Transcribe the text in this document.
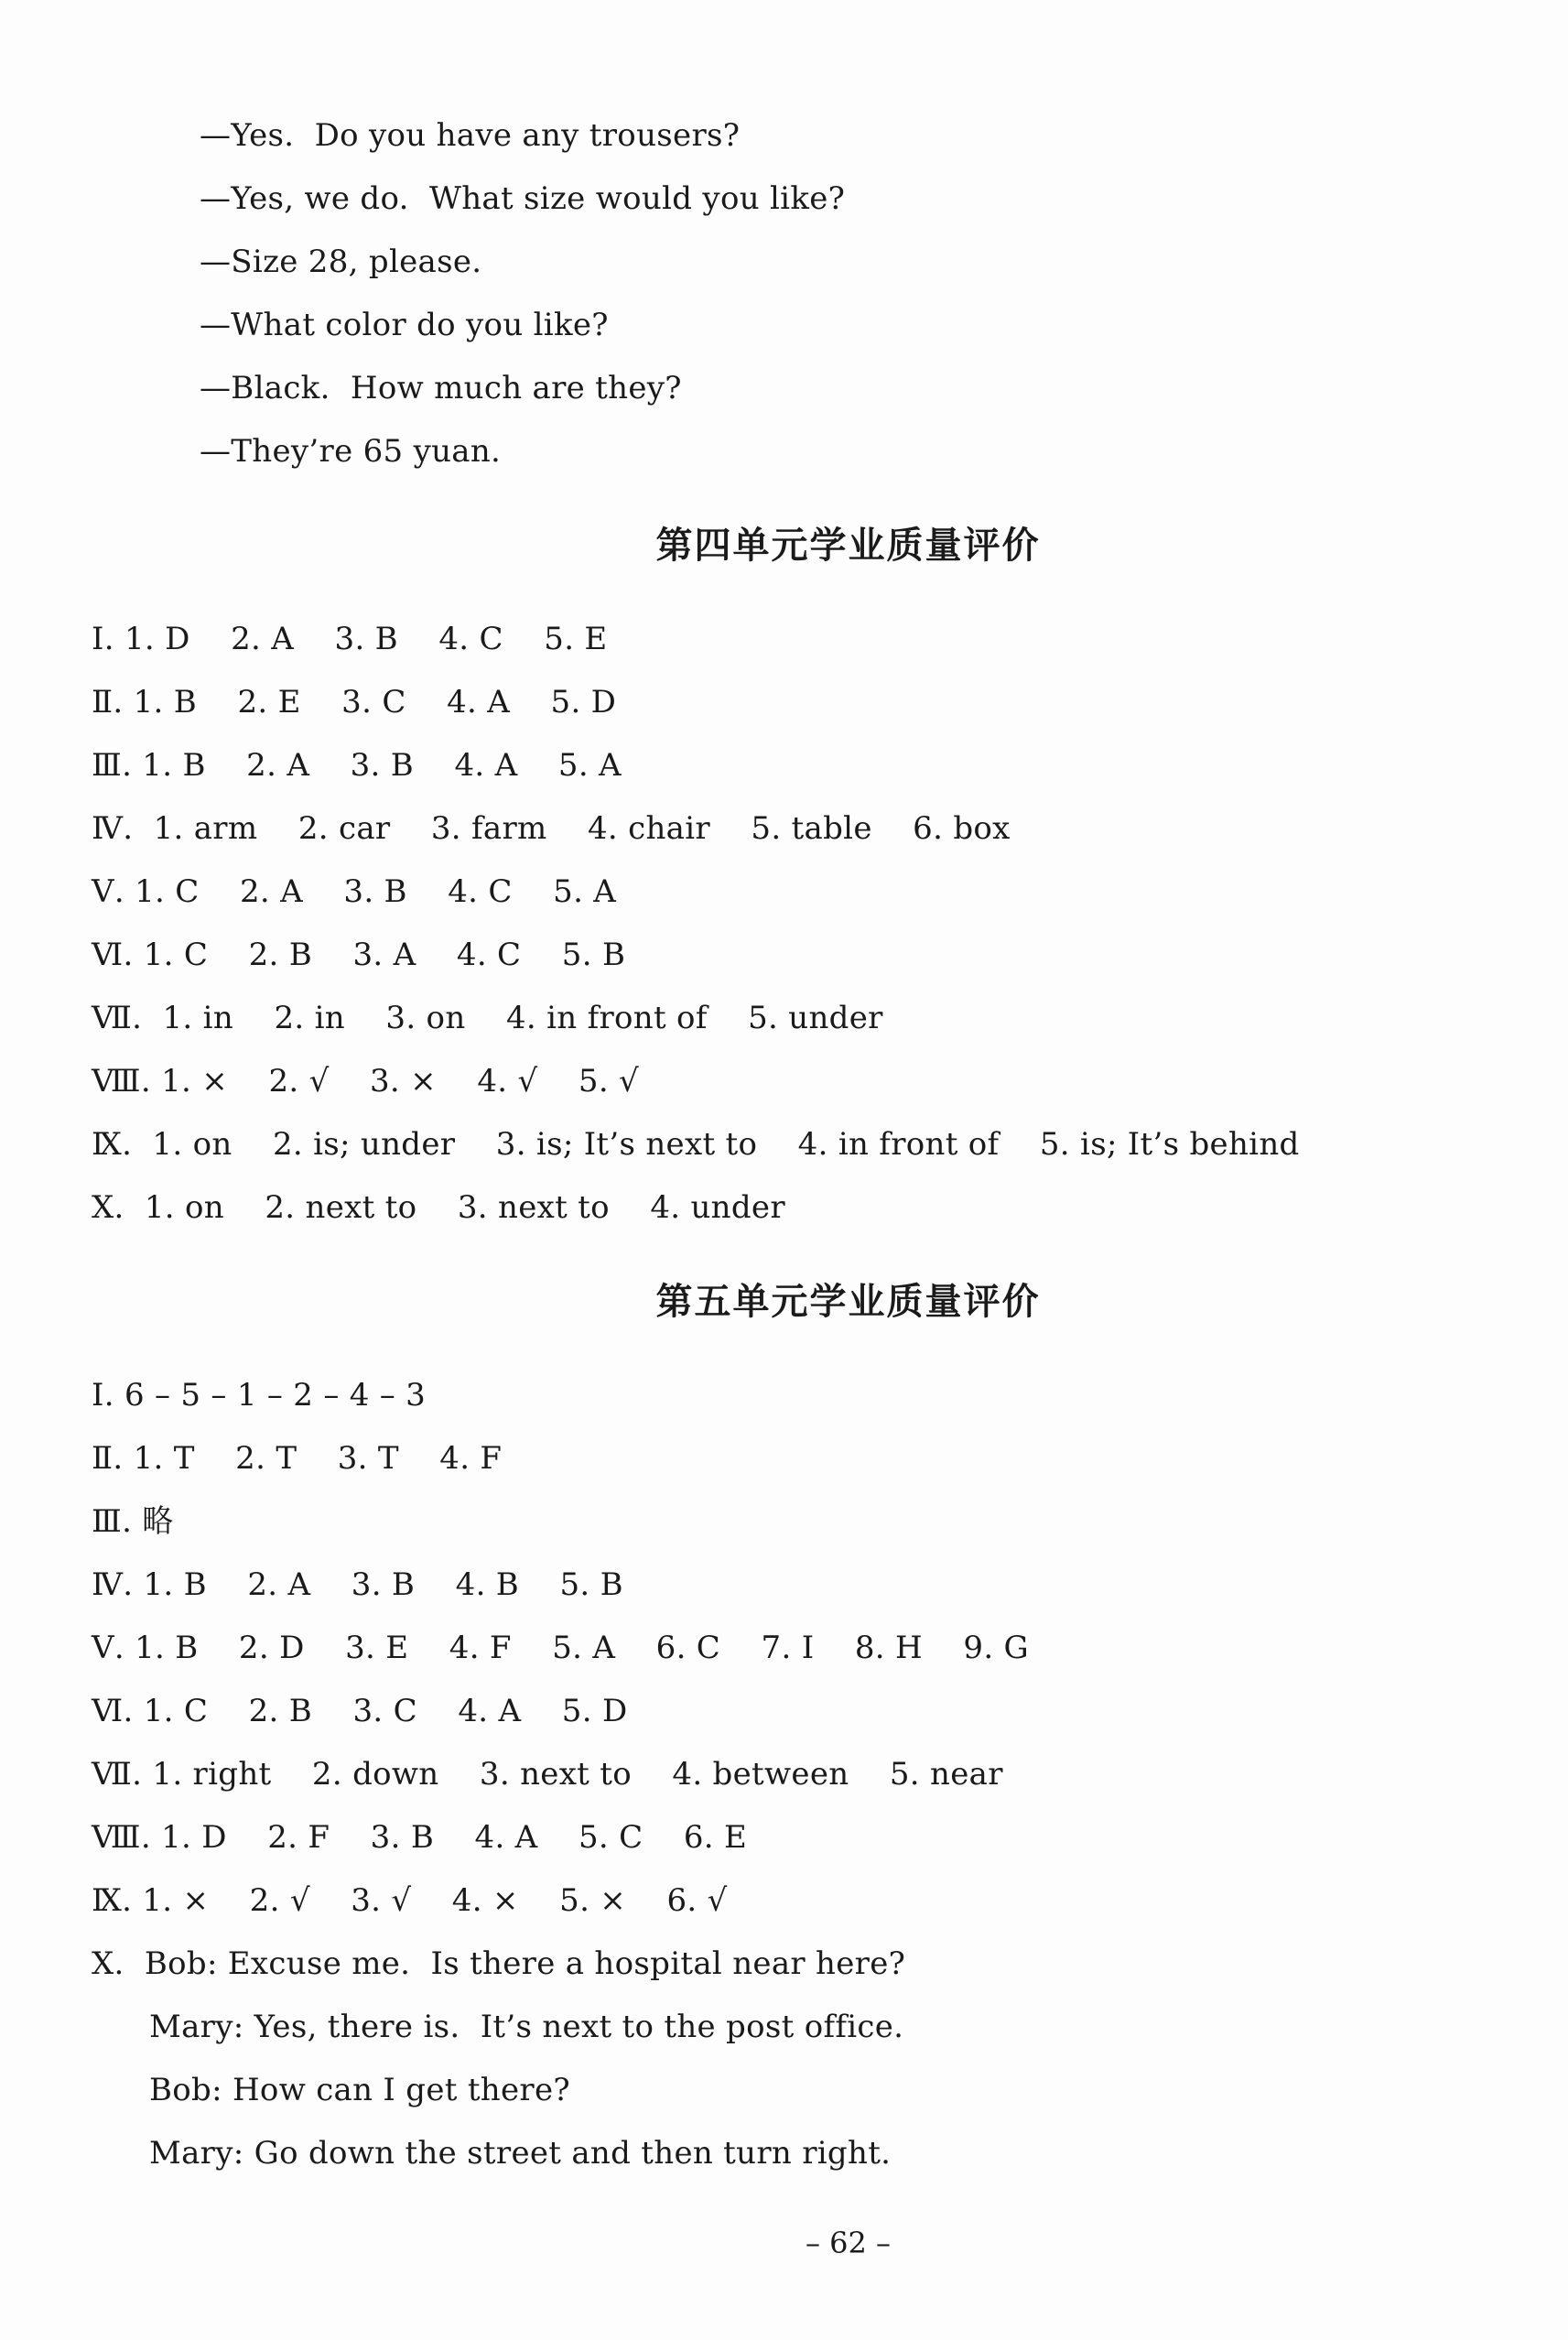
—Yes.  Do you have any trousers?
—Yes, we do.  What size would you like?
—Size 28, please.
—What color do you like?
—Black.  How much are they?
—They’re 65 yuan.
第四单元学业质量评价
Ⅰ. 1. D    2. A    3. B    4. C    5. E
Ⅱ. 1. B    2. E    3. C    4. A    5. D
Ⅲ. 1. B    2. A    3. B    4. A    5. A
Ⅳ.  1. arm    2. car    3. farm    4. chair    5. table    6. box
Ⅴ. 1. C    2. A    3. B    4. C    5. A
Ⅵ. 1. C    2. B    3. A    4. C    5. B
Ⅶ.  1. in    2. in    3. on    4. in front of    5. under
Ⅷ. 1. ×    2. √    3. ×    4. √    5. √
Ⅸ.  1. on    2. is; under    3. is; It’s next to    4. in front of    5. is; It’s behind
Ⅹ.  1. on    2. next to    3. next to    4. under
第五单元学业质量评价
Ⅰ. 6 – 5 – 1 – 2 – 4 – 3
Ⅱ. 1. T    2. T    3. T    4. F
Ⅲ. 略
Ⅳ. 1. B    2. A    3. B    4. B    5. B
Ⅴ. 1. B    2. D    3. E    4. F    5. A    6. C    7. I    8. H    9. G
Ⅵ. 1. C    2. B    3. C    4. A    5. D
Ⅶ. 1. right    2. down    3. next to    4. between    5. near
Ⅷ. 1. D    2. F    3. B    4. A    5. C    6. E
Ⅸ. 1. ×    2. √    3. √    4. ×    5. ×    6. √
Ⅹ.  Bob: Excuse me.  Is there a hospital near here?
Mary: Yes, there is.  It’s next to the post office.
Bob: How can I get there?
Mary: Go down the street and then turn right.
– 62 –
